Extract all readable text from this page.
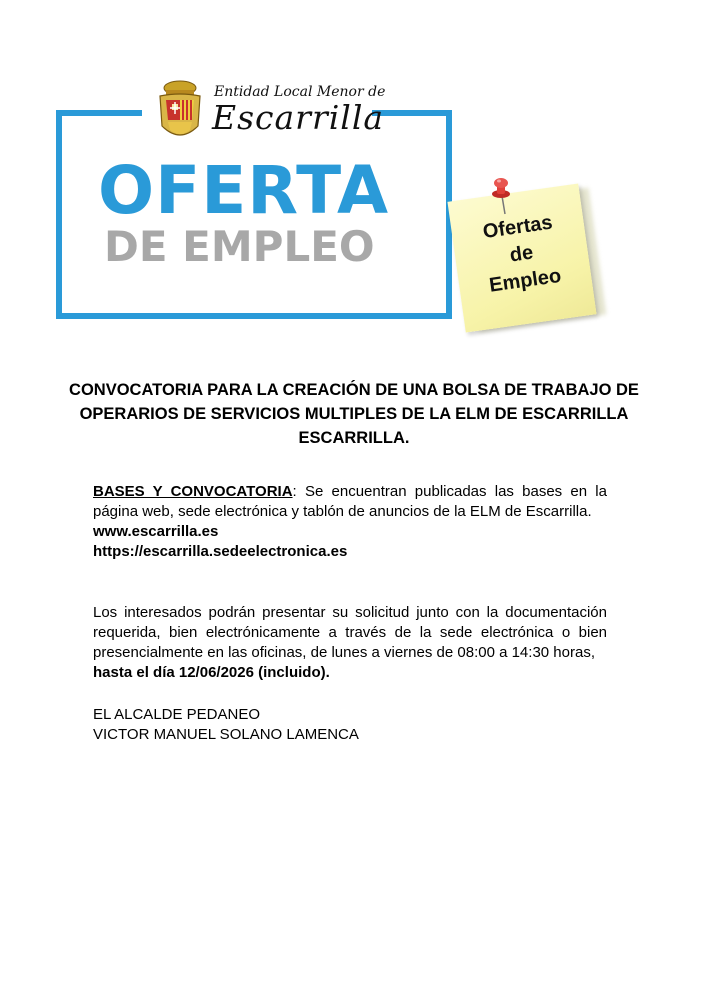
Entidad Local Menor de
Escarrilla
OFERTA
DE EMPLEO	Ofertas
de
Empleo
CONVOCATORIA PARA LA CREACIÓN DE UNA BOLSA DE TRABAJO DE
OPERARIOS DE SERVICIOS MULTIPLES DE LA ELM DE ESCARRILLA
ESCARRILLA.
BASES Y CONVOCATORIA: Se encuentran publicadas las bases en la página web, sede electrónica y tablón de anuncios de la ELM de Escarrilla.
www.escarrilla.es
https://escarrilla.sedeelectronica.es
Los interesados podrán presentar su solicitud junto con la documentación requerida, bien electrónicamente a través de la sede electrónica o bien presencialmente en las oficinas, de lunes a viernes de 08:00 a 14:30 horas,
hasta el día 12/06/2026 (incluido).
EL ALCALDE PEDANEO
VICTOR MANUEL SOLANO LAMENCA
